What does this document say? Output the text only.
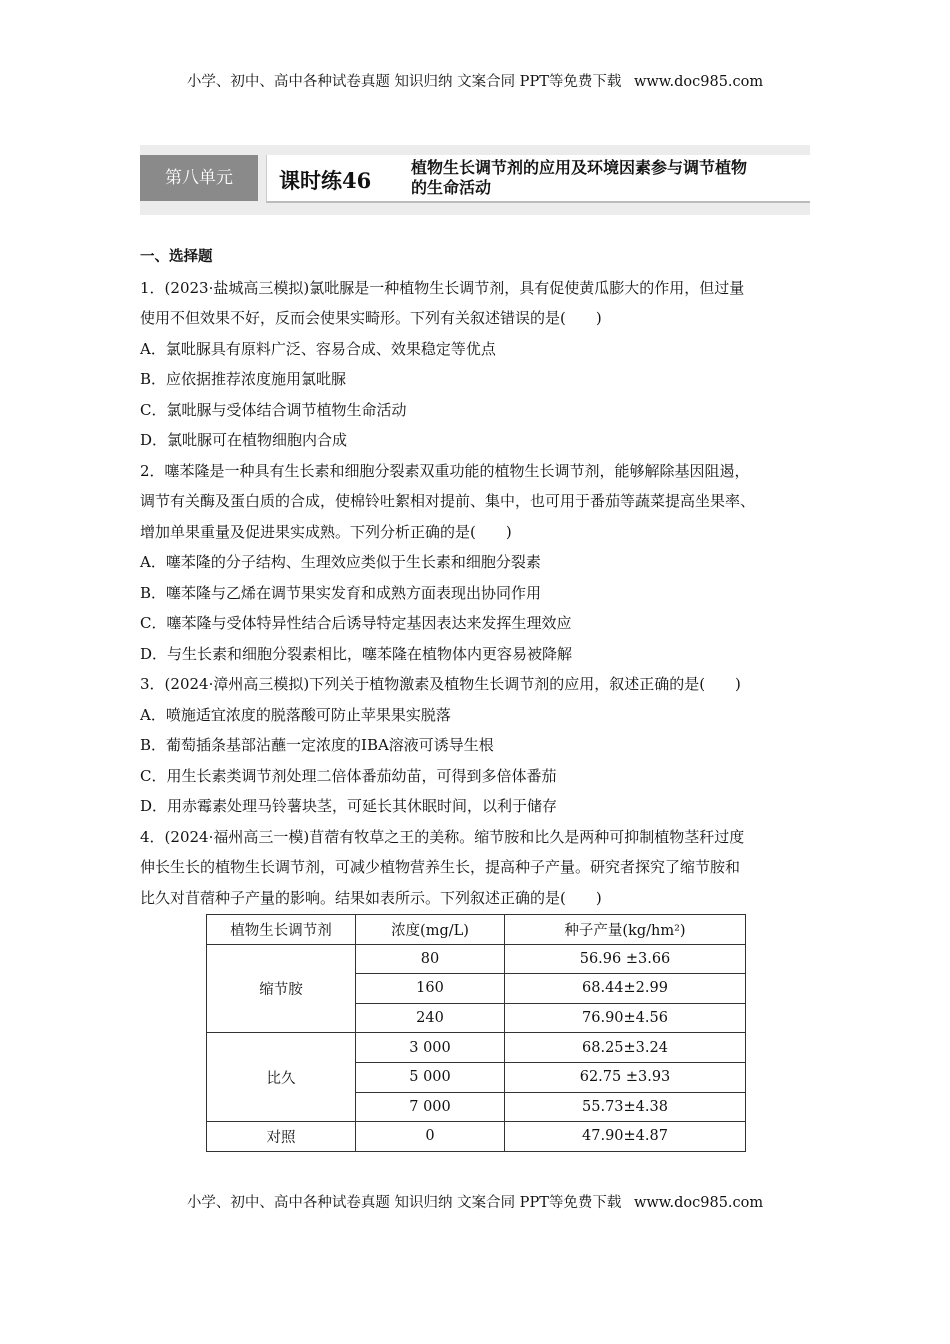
小学、初中、高中各种试卷真题 知识归纳 文案合同 PPT等免费下载 www.doc985.com
第八单元	课时练46
植物生长调节剂的应用及环境因素参与调节植物
的生命活动
一、选择题
1．(2023·盐城高三模拟)氯吡脲是一种植物生长调节剂，具有促使黄瓜膨大的作用，但过量
使用不但效果不好，反而会使果实畸形。下列有关叙述错误的是(　　)
A．氯吡脲具有原料广泛、容易合成、效果稳定等优点
B．应依据推荐浓度施用氯吡脲
C．氯吡脲与受体结合调节植物生命活动
D．氯吡脲可在植物细胞内合成
2．噻苯隆是一种具有生长素和细胞分裂素双重功能的植物生长调节剂，能够解除基因阻遏，
调节有关酶及蛋白质的合成，使棉铃吐絮相对提前、集中，也可用于番茄等蔬菜提高坐果率、
增加单果重量及促进果实成熟。下列分析正确的是(　　)
A．噻苯隆的分子结构、生理效应类似于生长素和细胞分裂素
B．噻苯隆与乙烯在调节果实发育和成熟方面表现出协同作用
C．噻苯隆与受体特异性结合后诱导特定基因表达来发挥生理效应
D．与生长素和细胞分裂素相比，噻苯隆在植物体内更容易被降解
3．(2024·漳州高三模拟)下列关于植物激素及植物生长调节剂的应用，叙述正确的是(　　)
A．喷施适宜浓度的脱落酸可防止苹果果实脱落
B．葡萄插条基部沾蘸一定浓度的IBA溶液可诱导生根
C．用生长素类调节剂处理二倍体番茄幼苗，可得到多倍体番茄
D．用赤霉素处理马铃薯块茎，可延长其休眠时间，以利于储存
4．(2024·福州高三一模)苜蓿有牧草之王的美称。缩节胺和比久是两种可抑制植物茎秆过度
伸长生长的植物生长调节剂，可减少植物营养生长，提高种子产量。研究者探究了缩节胺和
比久对苜蓿种子产量的影响。结果如表所示。下列叙述正确的是(　　)
植物生长调节剂	浓度(mg/L)	种子产量(kg/hm²)
缩节胺	80	56.96 ±3.66
	160	68.44±2.99
	240	76.90±4.56
比久	3 000	68.25±3.24
	5 000	62.75 ±3.93
	7 000	55.73±4.38
对照	0	47.90±4.87
小学、初中、高中各种试卷真题 知识归纳 文案合同 PPT等免费下载 www.doc985.com
